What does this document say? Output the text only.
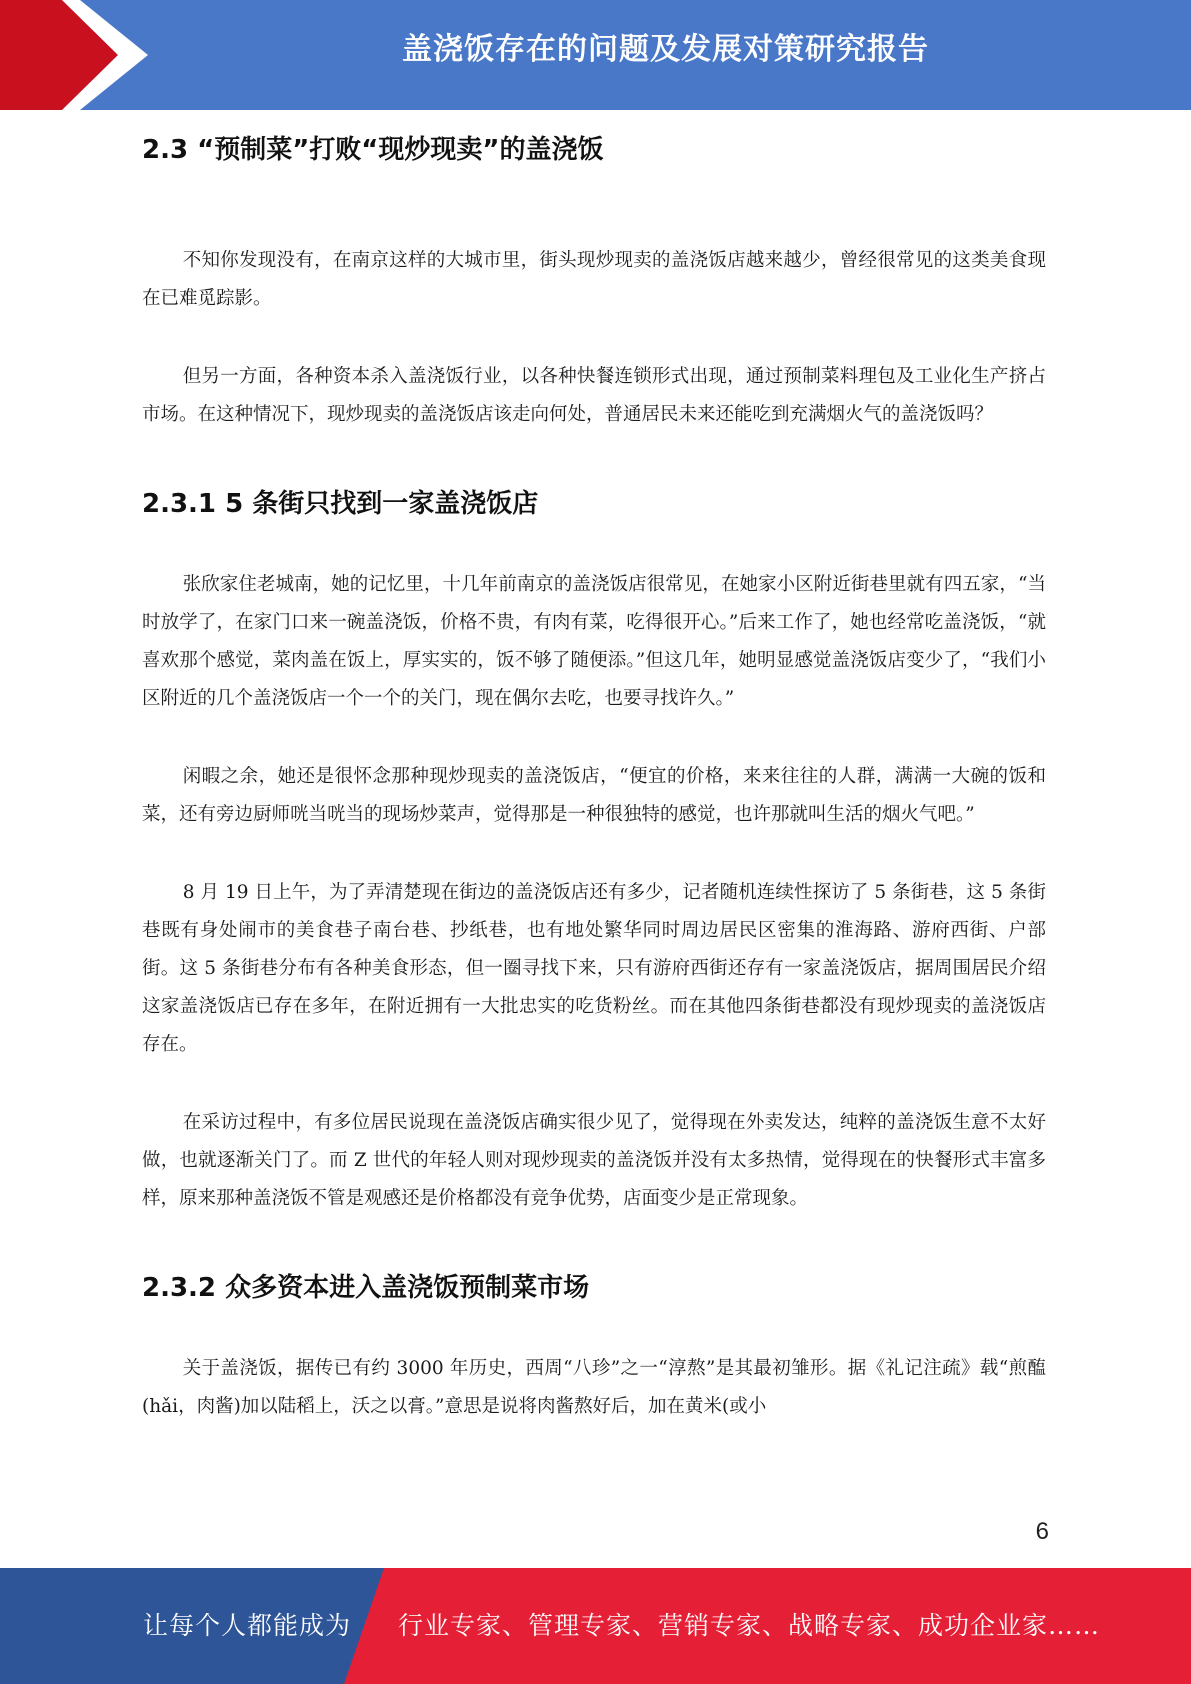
盖浇饭存在的问题及发展对策研究报告
2.3 “预制菜”打败“现炒现卖”的盖浇饭

不知你发现没有，在南京这样的大城市里，街头现炒现卖的盖浇饭店越来越少，曾经很常见的这类美食现在已难觅踪影。

但另一方面，各种资本杀入盖浇饭行业，以各种快餐连锁形式出现，通过预制菜料理包及工业化生产挤占市场。在这种情况下，现炒现卖的盖浇饭店该走向何处，普通居民未来还能吃到充满烟火气的盖浇饭吗？

2.3.1 5 条街只找到一家盖浇饭店

张欣家住老城南，她的记忆里，十几年前南京的盖浇饭店很常见，在她家小区附近街巷里就有四五家，“当时放学了，在家门口来一碗盖浇饭，价格不贵，有肉有菜，吃得很开心。”后来工作了，她也经常吃盖浇饭，“就喜欢那个感觉，菜肉盖在饭上，厚实实的，饭不够了随便添。”但这几年，她明显感觉盖浇饭店变少了，“我们小区附近的几个盖浇饭店一个一个的关门，现在偶尔去吃，也要寻找许久。”

闲暇之余，她还是很怀念那种现炒现卖的盖浇饭店，“便宜的价格，来来往往的人群，满满一大碗的饭和菜，还有旁边厨师咣当咣当的现场炒菜声，觉得那是一种很独特的感觉，也许那就叫生活的烟火气吧。”

8 月 19 日上午，为了弄清楚现在街边的盖浇饭店还有多少，记者随机连续性探访了 5 条街巷，这 5 条街巷既有身处闹市的美食巷子南台巷、抄纸巷，也有地处繁华同时周边居民区密集的淮海路、游府西街、户部街。这 5 条街巷分布有各种美食形态，但一圈寻找下来，只有游府西街还存有一家盖浇饭店，据周围居民介绍这家盖浇饭店已存在多年，在附近拥有一大批忠实的吃货粉丝。而在其他四条街巷都没有现炒现卖的盖浇饭店存在。

在采访过程中，有多位居民说现在盖浇饭店确实很少见了，觉得现在外卖发达，纯粹的盖浇饭生意不太好做，也就逐渐关门了。而 Z 世代的年轻人则对现炒现卖的盖浇饭并没有太多热情，觉得现在的快餐形式丰富多样，原来那种盖浇饭不管是观感还是价格都没有竞争优势，店面变少是正常现象。

2.3.2 众多资本进入盖浇饭预制菜市场

关于盖浇饭，据传已有约 3000 年历史，西周“八珍”之一“淳熬”是其最初雏形。据《礼记注疏》载“煎醢(hǎi，肉酱)加以陆稻上，沃之以膏。”意思是说将肉酱熬好后，加在黄米(或小

6
让每个人都能成为 行业专家、管理专家、营销专家、战略专家、成功企业家……
